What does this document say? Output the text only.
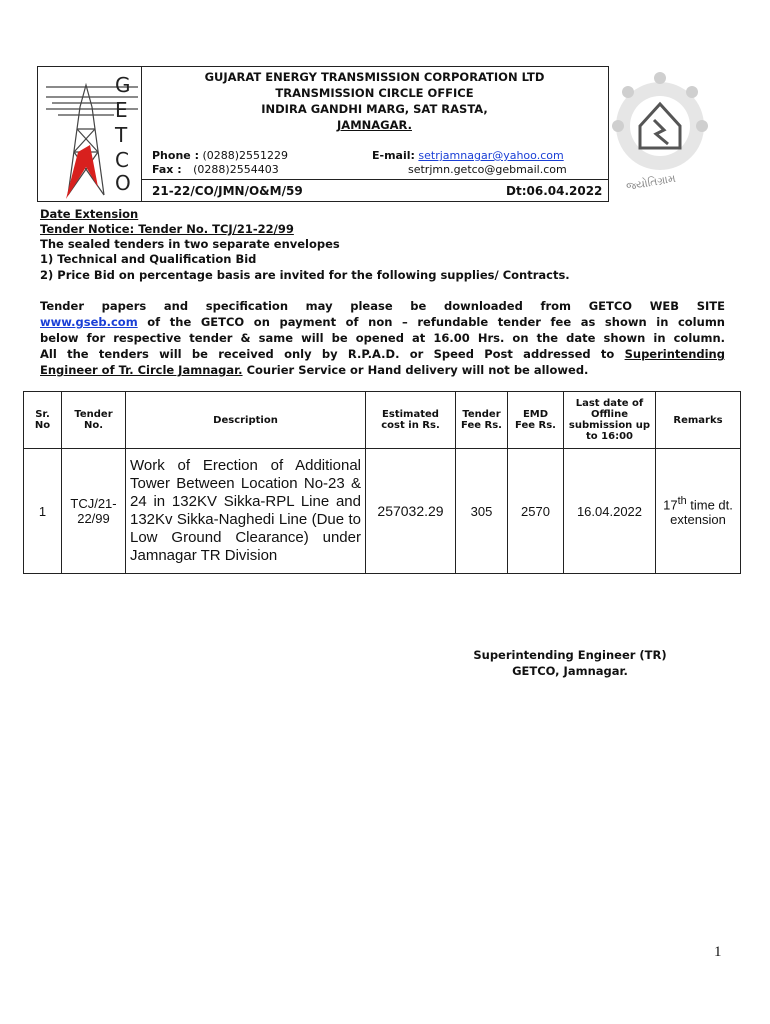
G
E
T
C
O
GUJARAT ENERGY TRANSMISSION CORPORATION LTD
TRANSMISSION CIRCLE OFFICE
INDIRA GANDHI MARG, SAT RASTA,
JAMNAGAR.
Phone : (0288)2551229
Fax : (0288)2554403
E-mail: setrjamnagar@yahoo.com
setrjmn.getco@gebmail.com
21-22/CO/JMN/O&M/59	Dt:06.04.2022 જ્યોતિગ્રામ
Date Extension
Tender Notice: Tender No. TCJ/21-22/99
The sealed tenders in two separate envelopes
1) Technical and Qualification Bid
2) Price Bid on percentage basis are invited for the following supplies/ Contracts.
Tender papers and specification may please be downloaded from GETCO WEB SITE
www.gseb.com of the GETCO on payment of non – refundable tender fee as shown in column
below for respective tender & same will be opened at 16.00 Hrs. on the date shown in column.
All the tenders will be received only by R.P.A.D. or Speed Post addressed to Superintending
Engineer of Tr. Circle Jamnagar. Courier Service or Hand delivery will not be allowed.
Sr. No	Tender No.	Description	Estimated cost in Rs.	Tender Fee Rs.	EMD Fee Rs.	Last date of Offline submission up to 16:00	Remarks
1	TCJ/21-22/99	Work of Erection of Additional Tower Between Location No-23 & 24 in 132KV Sikka-RPL Line and 132Kv Sikka-Naghedi Line (Due to Low Ground Clearance) under Jamnagar TR Division	257032.29	305	2570	16.04.2022	17th time dt. extension
Superintending Engineer (TR)
GETCO, Jamnagar.
1
